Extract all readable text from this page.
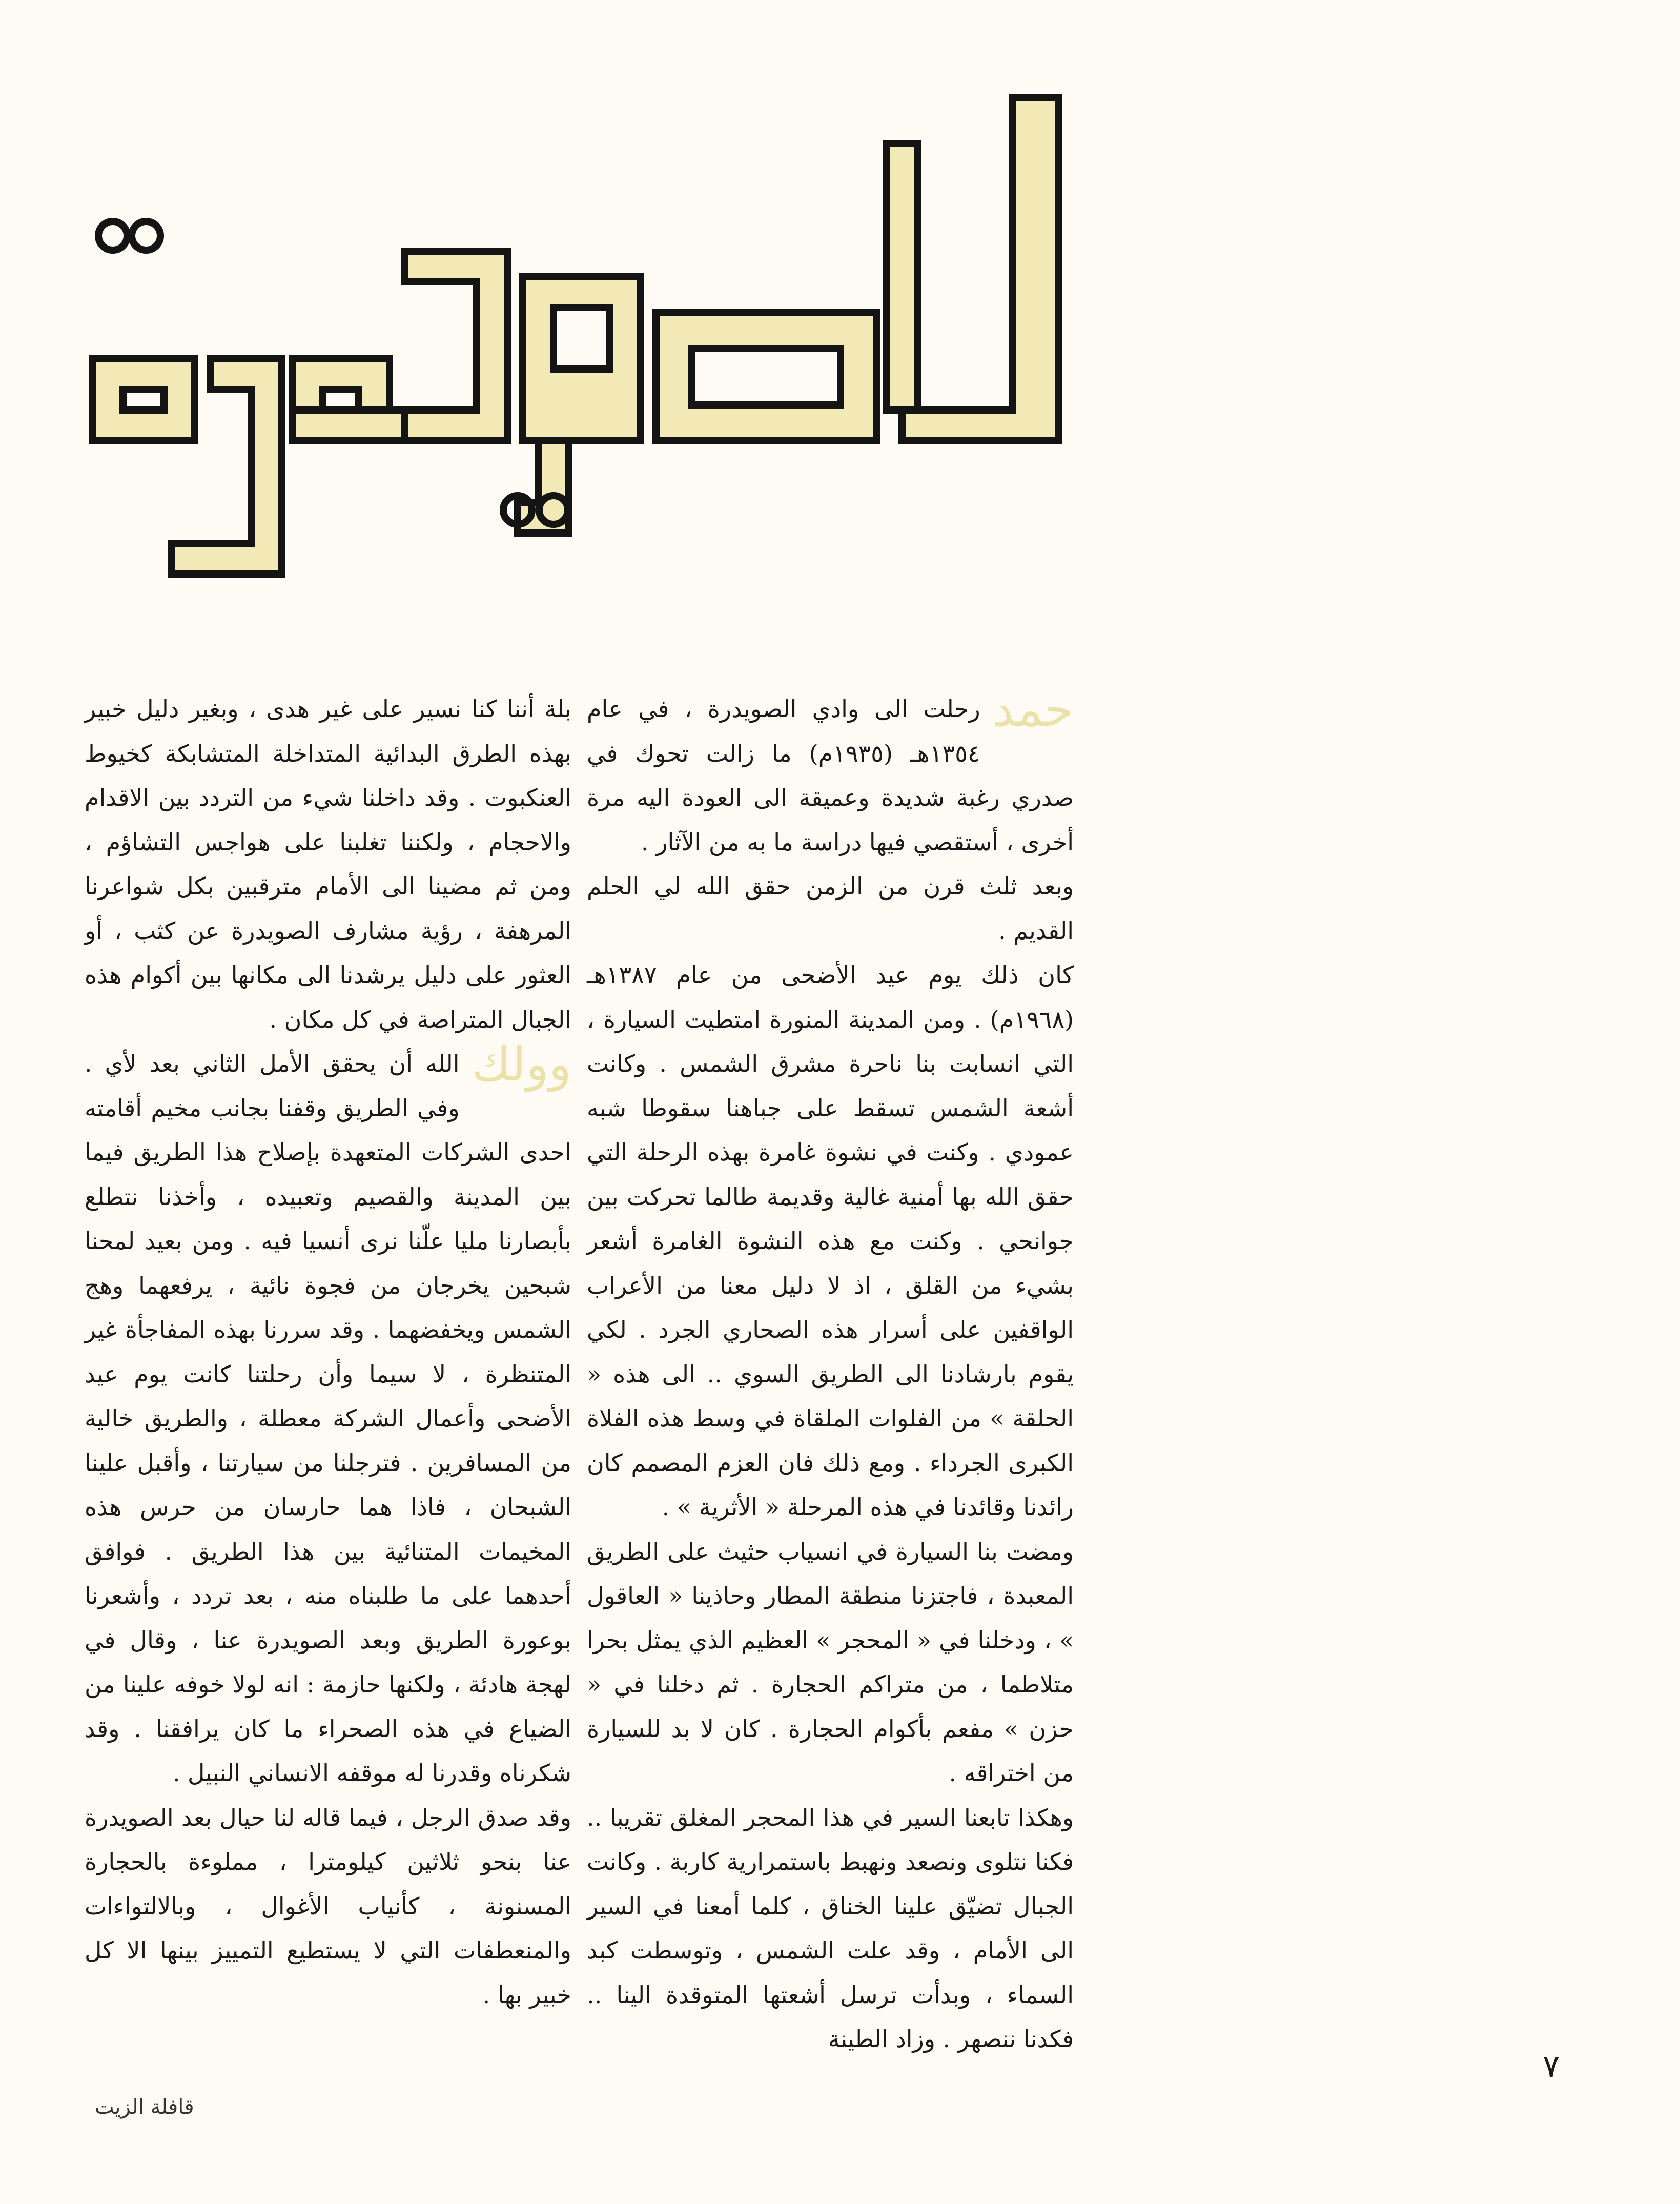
حمد

رحلت الى وادي الصويدرة ، في عام ١٣٥٤هـ (١٩٣٥م) ما زالت تحوك في صدري رغبة شديدة وعميقة الى العودة اليه مرة أخرى ، أستقصي فيها دراسة ما به من الآثار .

وبعد ثلث قرن من الزمن حقق الله لي الحلم القديم .

كان ذلك يوم عيد الأضحى من عام ١٣٨٧هـ (١٩٦٨م) . ومن المدينة المنورة امتطيت السيارة ، التي انسابت بنا ناحرة مشرق الشمس . وكانت أشعة الشمس تسقط على جباهنا سقوطا شبه عمودي . وكنت في نشوة غامرة بهذه الرحلة التي حقق الله بها أمنية غالية وقديمة طالما تحركت بين جوانحي . وكنت مع هذه النشوة الغامرة أشعر بشيء من القلق ، اذ لا دليل معنا من الأعراب الواقفين على أسرار هذه الصحاري الجرد . لكي يقوم بارشادنا الى الطريق السوي .. الى هذه « الحلقة » من الفلوات الملقاة في وسط هذه الفلاة الكبرى الجرداء . ومع ذلك فان العزم المصمم كان رائدنا وقائدنا في هذه المرحلة « الأثرية » .

ومضت بنا السيارة في انسياب حثيث على الطريق المعبدة ، فاجتزنا منطقة المطار وحاذينا « العاقول » ، ودخلنا في « المحجر » العظيم الذي يمثل بحرا متلاطما ، من متراكم الحجارة . ثم دخلنا في « حزن » مفعم بأكوام الحجارة . كان لا بد للسيارة من اختراقه .

وهكذا تابعنا السير في هذا المحجر المغلق تقريبا .. فكنا نتلوى ونصعد ونهبط باستمرارية كاربة . وكانت الجبال تضيّق علينا الخناق ، كلما أمعنا في السير الى الأمام ، وقد علت الشمس ، وتوسطت كبد السماء ، وبدأت ترسل أشعتها المتوقدة الينا .. فكدنا ننصهر . وزاد الطينة

بلة أننا كنا نسير على غير هدى ، وبغير دليل خبير بهذه الطرق البدائية المتداخلة المتشابكة كخيوط العنكبوت . وقد داخلنا شيء من التردد بين الاقدام والاحجام ، ولكننا تغلبنا على هواجس التشاؤم ، ومن ثم مضينا الى الأمام مترقبين بكل شواعرنا المرهفة ، رؤية مشارف الصويدرة عن كثب ، أو العثور على دليل يرشدنا الى مكانها بين أكوام هذه الجبال المتراصة في كل مكان .

وولك
الله أن يحقق الأمل الثاني بعد لأي . وفي الطريق وقفنا بجانب مخيم أقامته احدى الشركات المتعهدة بإصلاح هذا الطريق فيما بين المدينة والقصيم وتعبيده ، وأخذنا نتطلع بأبصارنا مليا علّنا نرى أنسيا فيه . ومن بعيد لمحنا شبحين يخرجان من فجوة نائية ، يرفعهما وهج الشمس ويخفضهما . وقد سررنا بهذه المفاجأة غير المتنظرة ، لا سيما وأن رحلتنا كانت يوم عيد الأضحى وأعمال الشركة معطلة ، والطريق خالية من المسافرين . فترجلنا من سيارتنا ، وأقبل علينا الشبحان ، فاذا هما حارسان من حرس هذه المخيمات المتنائية بين هذا الطريق . فوافق أحدهما على ما طلبناه منه ، بعد تردد ، وأشعرنا بوعورة الطريق وبعد الصويدرة عنا ، وقال في لهجة هادئة ، ولكنها حازمة : انه لولا خوفه علينا من الضياع في هذه الصحراء ما كان يرافقنا . وقد شكرناه وقدرنا له موقفه الانساني النبيل .

وقد صدق الرجل ، فيما قاله لنا حيال بعد الصويدرة عنا بنحو ثلاثين كيلومترا ، مملوءة بالحجارة المسنونة ، كأنياب الأغوال ، وبالالتواءات والمنعطفات التي لا يستطيع التمييز بينها الا كل خبير بها .

٧
قافلة الزيت
